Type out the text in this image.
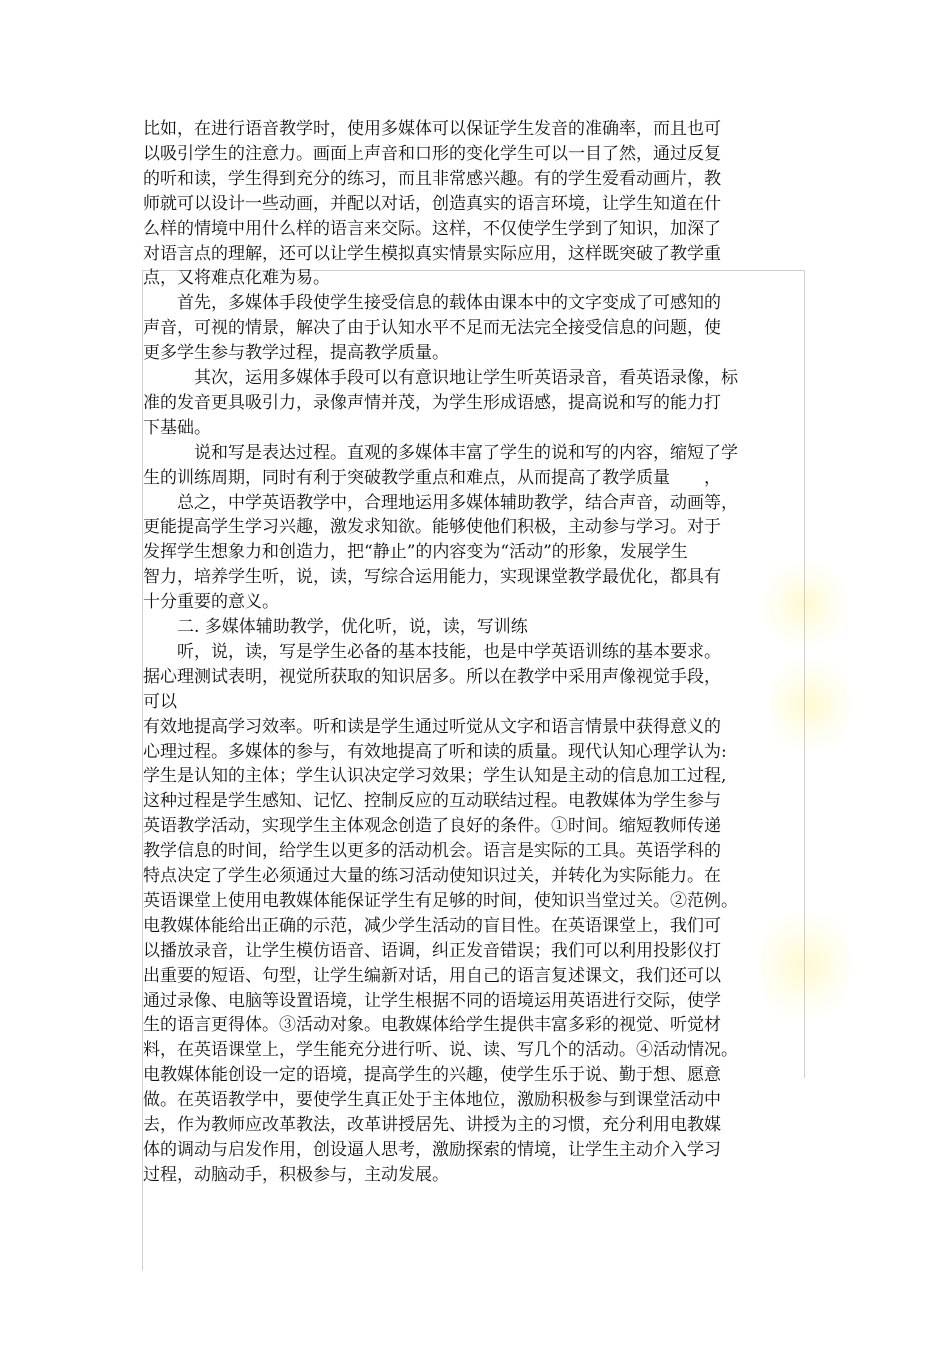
比如，在进行语音教学时，使用多媒体可以保证学生发音的准确率，而且也可
以吸引学生的注意力。画面上声音和口形的变化学生可以一目了然，通过反复
的听和读，学生得到充分的练习，而且非常感兴趣。有的学生爱看动画片，教
师就可以设计一些动画，并配以对话，创造真实的语言环境，让学生知道在什
么样的情境中用什么样的语言来交际。这样，不仅使学生学到了知识，加深了
对语言点的理解，还可以让学生模拟真实情景实际应用，这样既突破了教学重
点，又将难点化难为易。
　　首先，多媒体手段使学生接受信息的载体由课本中的文字变成了可感知的
声音，可视的情景，解决了由于认知水平不足而无法完全接受信息的问题，使
更多学生参与教学过程，提高教学质量。
　　　其次，运用多媒体手段可以有意识地让学生听英语录音，看英语录像，标
准的发音更具吸引力，录像声情并茂，为学生形成语感，提高说和写的能力打
下基础。
　　　说和写是表达过程。直观的多媒体丰富了学生的说和写的内容，缩短了学
生的训练周期，同时有利于突破教学重点和难点，从而提高了教学质量　　，
　　总之，中学英语教学中，合理地运用多媒体辅助教学，结合声音，动画等，
更能提高学生学习兴趣，激发求知欲。能够使他们积极，主动参与学习。对于
发挥学生想象力和创造力，把“静止”的内容变为“活动”的形象，发展学生
智力，培养学生听，说，读，写综合运用能力，实现课堂教学最优化，都具有
十分重要的意义。
　　二. 多媒体辅助教学，优化听，说，读，写训练
　　听，说，读，写是学生必备的基本技能，也是中学英语训练的基本要求。
据心理测试表明，视觉所获取的知识居多。所以在教学中采用声像视觉手段，
可以
有效地提高学习效率。听和读是学生通过听觉从文字和语言情景中获得意义的
心理过程。多媒体的参与，有效地提高了听和读的质量。现代认知心理学认为:
学生是认知的主体；学生认识决定学习效果；学生认知是主动的信息加工过程,
这种过程是学生感知、记忆、控制反应的互动联结过程。电教媒体为学生参与
英语教学活动，实现学生主体观念创造了良好的条件。①时间。缩短教师传递
教学信息的时间，给学生以更多的活动机会。语言是实际的工具。英语学科的
特点决定了学生必须通过大量的练习活动使知识过关，并转化为实际能力。在
英语课堂上使用电教媒体能保证学生有足够的时间，使知识当堂过关。②范例。
电教媒体能给出正确的示范，减少学生活动的盲目性。在英语课堂上，我们可
以播放录音，让学生模仿语音、语调，纠正发音错误；我们可以利用投影仪打
出重要的短语、句型，让学生编新对话，用自己的语言复述课文，我们还可以
通过录像、电脑等设置语境，让学生根据不同的语境运用英语进行交际，使学
生的语言更得体。③活动对象。电教媒体给学生提供丰富多彩的视觉、听觉材
料，在英语课堂上，学生能充分进行听、说、读、写几个的活动。④活动情况。
电教媒体能创设一定的语境，提高学生的兴趣，使学生乐于说、勤于想、愿意
做。在英语教学中，要使学生真正处于主体地位，激励积极参与到课堂活动中
去，作为教师应改革教法，改革讲授居先、讲授为主的习惯，充分利用电教媒
体的调动与启发作用，创设逼人思考，激励探索的情境，让学生主动介入学习
过程，动脑动手，积极参与，主动发展。
